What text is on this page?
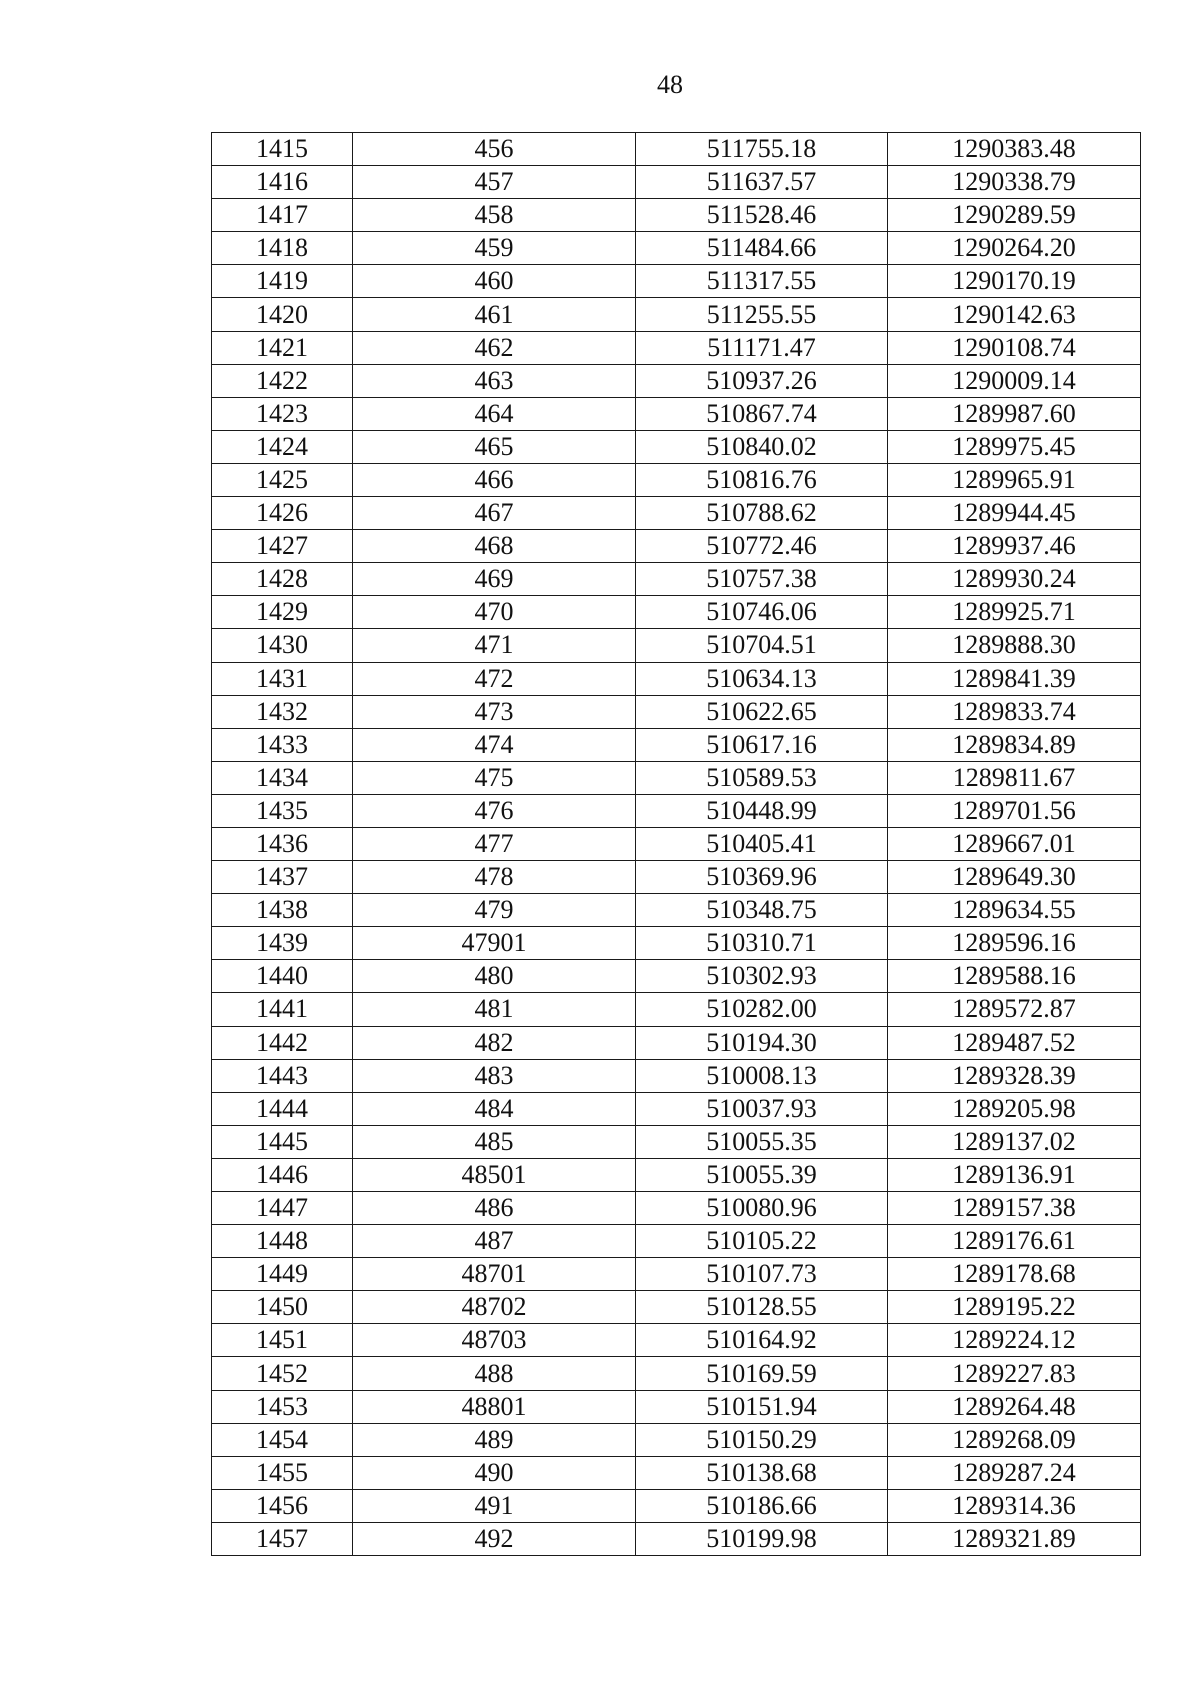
48
1415	456	511755.18	1290383.48
1416	457	511637.57	1290338.79
1417	458	511528.46	1290289.59
1418	459	511484.66	1290264.20
1419	460	511317.55	1290170.19
1420	461	511255.55	1290142.63
1421	462	511171.47	1290108.74
1422	463	510937.26	1290009.14
1423	464	510867.74	1289987.60
1424	465	510840.02	1289975.45
1425	466	510816.76	1289965.91
1426	467	510788.62	1289944.45
1427	468	510772.46	1289937.46
1428	469	510757.38	1289930.24
1429	470	510746.06	1289925.71
1430	471	510704.51	1289888.30
1431	472	510634.13	1289841.39
1432	473	510622.65	1289833.74
1433	474	510617.16	1289834.89
1434	475	510589.53	1289811.67
1435	476	510448.99	1289701.56
1436	477	510405.41	1289667.01
1437	478	510369.96	1289649.30
1438	479	510348.75	1289634.55
1439	47901	510310.71	1289596.16
1440	480	510302.93	1289588.16
1441	481	510282.00	1289572.87
1442	482	510194.30	1289487.52
1443	483	510008.13	1289328.39
1444	484	510037.93	1289205.98
1445	485	510055.35	1289137.02
1446	48501	510055.39	1289136.91
1447	486	510080.96	1289157.38
1448	487	510105.22	1289176.61
1449	48701	510107.73	1289178.68
1450	48702	510128.55	1289195.22
1451	48703	510164.92	1289224.12
1452	488	510169.59	1289227.83
1453	48801	510151.94	1289264.48
1454	489	510150.29	1289268.09
1455	490	510138.68	1289287.24
1456	491	510186.66	1289314.36
1457	492	510199.98	1289321.89
